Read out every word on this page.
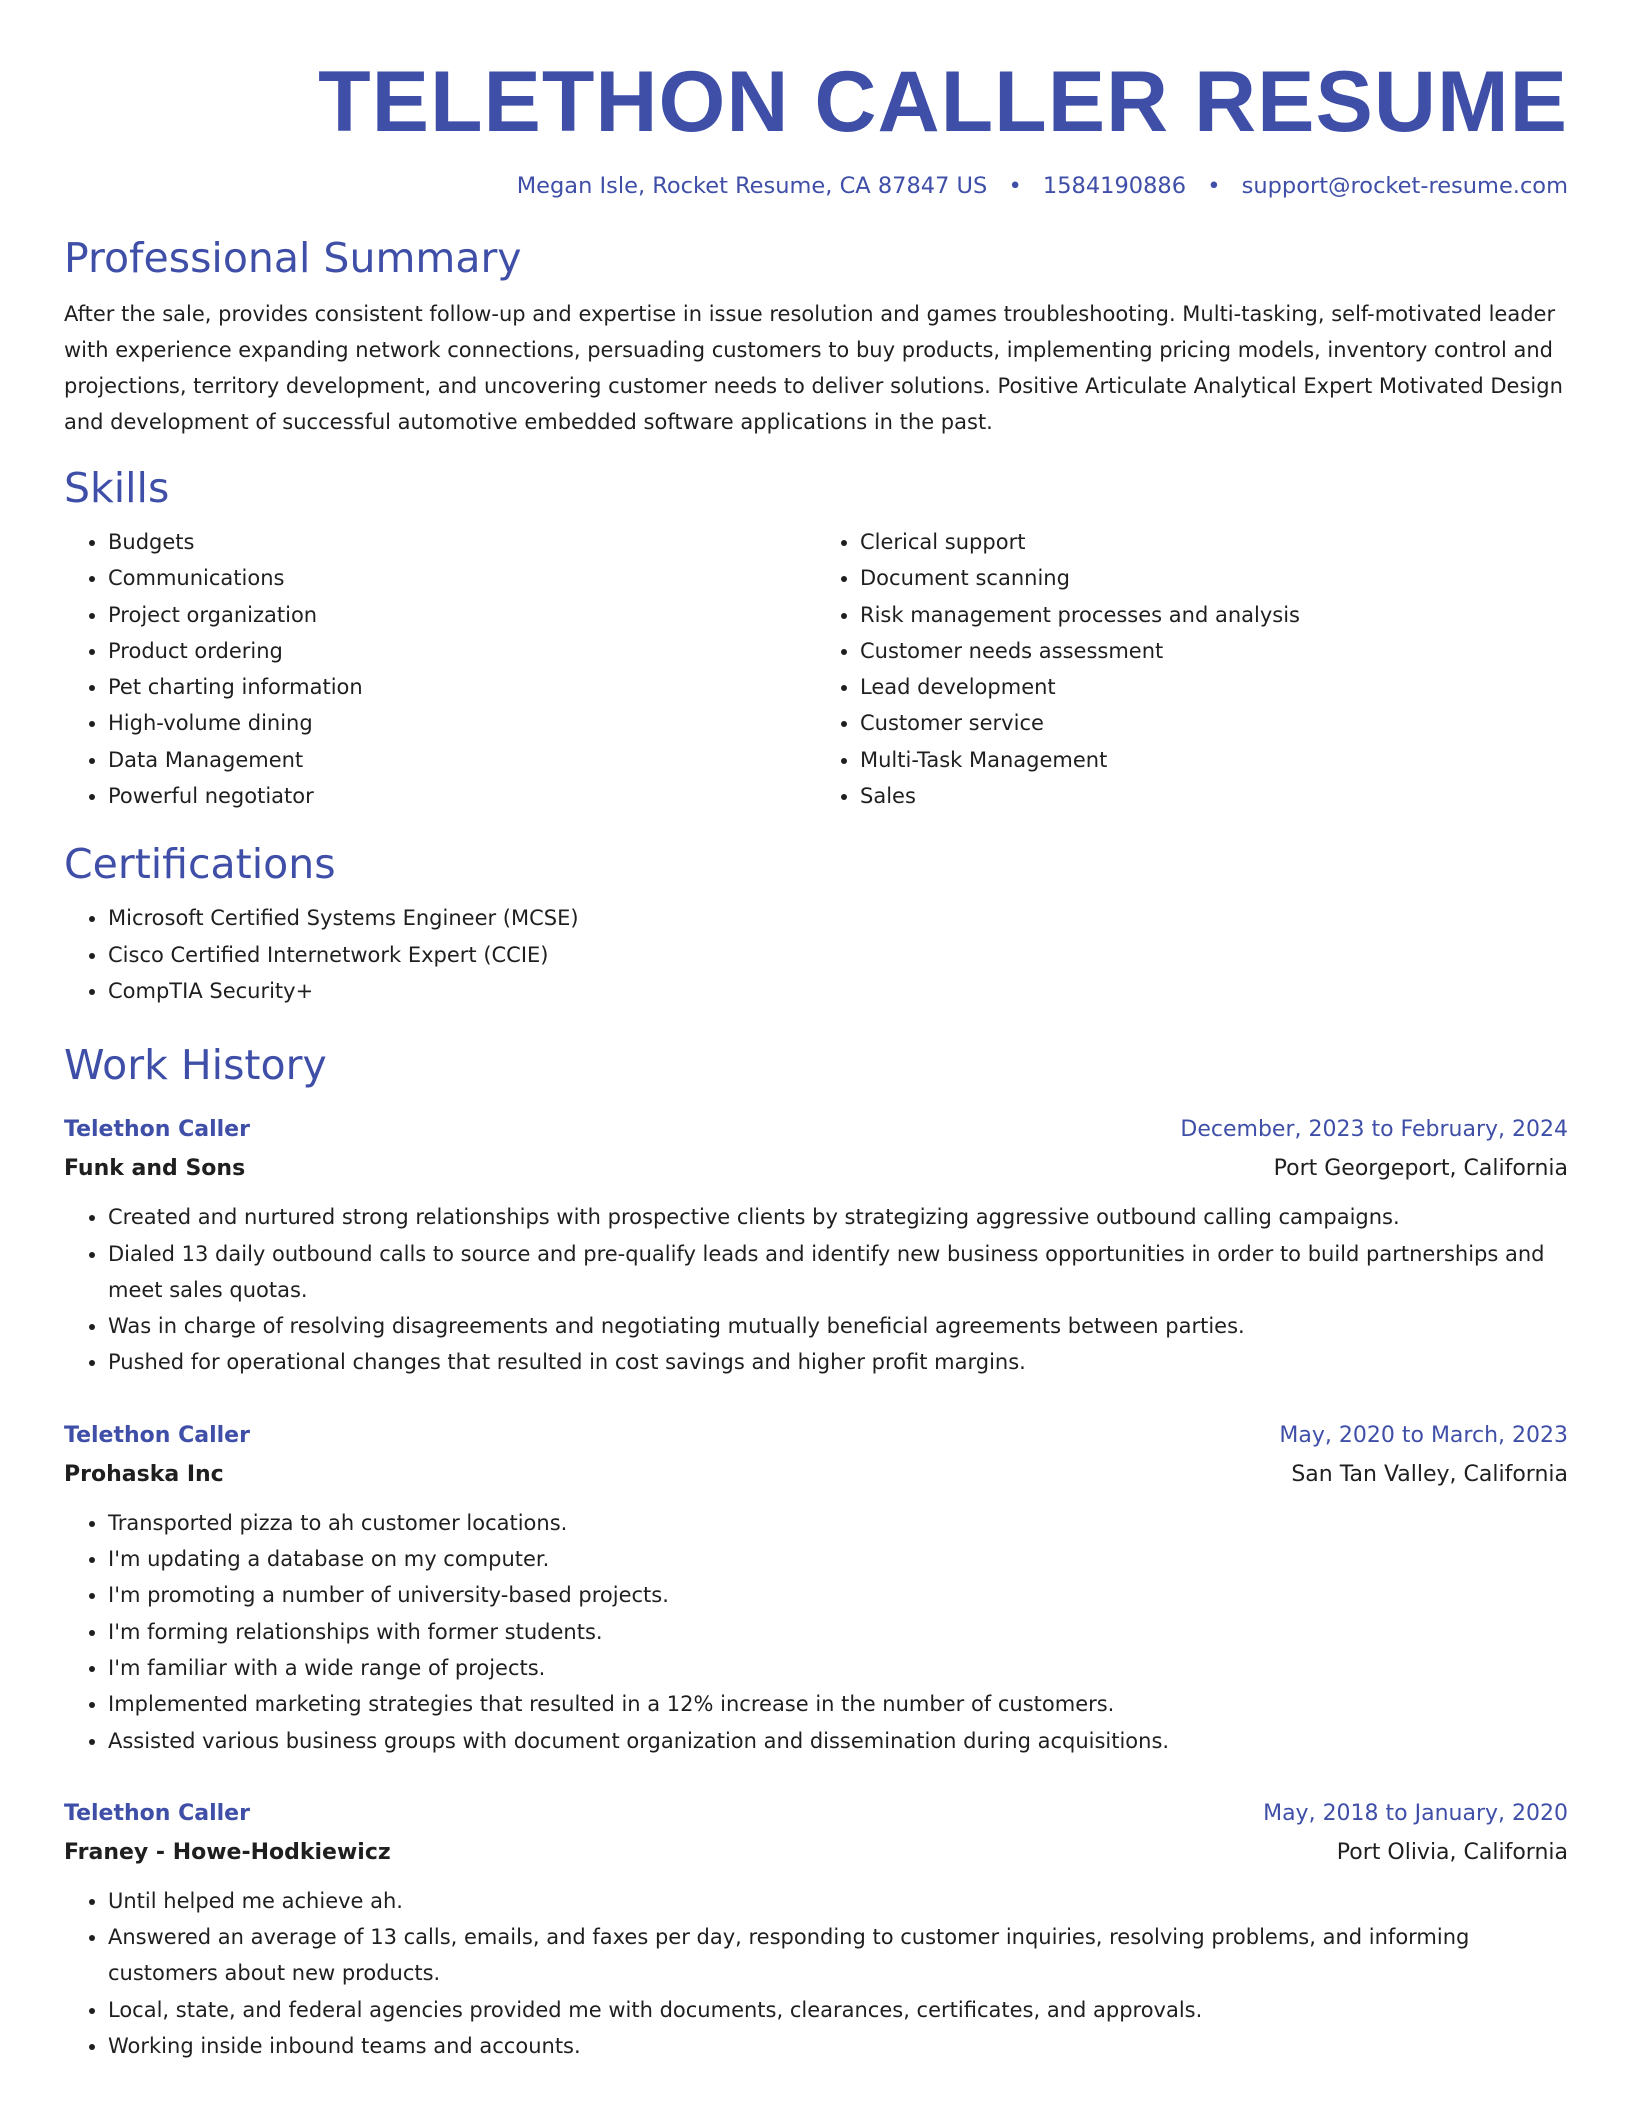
TELETHON CALLER RESUME
Megan Isle, Rocket Resume, CA 87847 US • 1584190886 • support@rocket-resume.com
Professional Summary

After the sale, provides consistent follow-up and expertise in issue resolution and games troubleshooting. Multi-tasking, self-motivated leader with experience expanding network connections, persuading customers to buy products, implementing pricing models, inventory control and projections, territory development, and uncovering customer needs to deliver solutions. Positive Articulate Analytical Expert Motivated Design and development of successful automotive embedded software applications in the past.

Skills
• Budgets
• Communications
• Project organization
• Product ordering
• Pet charting information
• High-volume dining
• Data Management
• Powerful negotiator
• Clerical support
• Document scanning
• Risk management processes and analysis
• Customer needs assessment
• Lead development
• Customer service
• Multi-Task Management
• Sales
Certifications
• Microsoft Certified Systems Engineer (MCSE)
• Cisco Certified Internetwork Expert (CCIE)
• CompTIA Security+
Work History
Telethon Caller	December, 2023 to February, 2024
Funk and Sons	Port Georgeport, California
• Created and nurtured strong relationships with prospective clients by strategizing aggressive outbound calling campaigns.
• Dialed 13 daily outbound calls to source and pre-qualify leads and identify new business opportunities in order to build partnerships and meet sales quotas.
• Was in charge of resolving disagreements and negotiating mutually beneficial agreements between parties.
• Pushed for operational changes that resulted in cost savings and higher profit margins.
Telethon Caller	May, 2020 to March, 2023
Prohaska Inc	San Tan Valley, California
• Transported pizza to ah customer locations.
• I'm updating a database on my computer.
• I'm promoting a number of university-based projects.
• I'm forming relationships with former students.
• I'm familiar with a wide range of projects.
• Implemented marketing strategies that resulted in a 12% increase in the number of customers.
• Assisted various business groups with document organization and dissemination during acquisitions.
Telethon Caller	May, 2018 to January, 2020
Franey - Howe-Hodkiewicz	Port Olivia, California
• Until helped me achieve ah.
• Answered an average of 13 calls, emails, and faxes per day, responding to customer inquiries, resolving problems, and informing customers about new products.
• Local, state, and federal agencies provided me with documents, clearances, certificates, and approvals.
• Working inside inbound teams and accounts.
